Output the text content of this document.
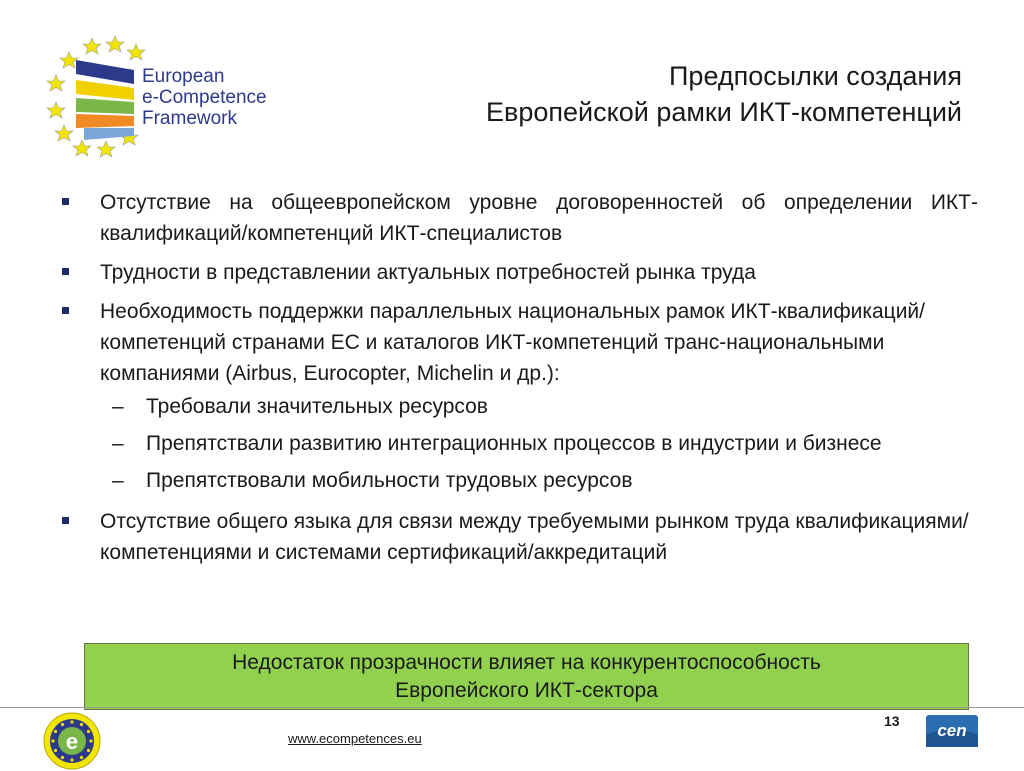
European
e-Competence
Framework
Предпосылки создания
Европейской рамки ИКТ-компетенций
Отсутствие на общеевропейском уровне договоренностей об определении ИКТ- квалификаций/компетенций ИКТ-специалистов
Трудности в представлении актуальных потребностей рынка труда
Необходимость поддержки параллельных национальных рамок ИКТ-квалификаций/компетенций странами ЕС и каталогов ИКТ-компетенций транс-национальными компаниями (Airbus, Eurocopter, Michelin и др.):
– Требовали значительных ресурсов
– Препятствали развитию интеграционных процессов в индустрии и бизнесе
– Препятствовали мобильности трудовых ресурсов
Отсутствие общего языка для связи между требуемыми рынком труда квалификациями/компетенциями и системами сертификаций/аккредитаций
Недостаток прозрачности влияет на конкурентоспособность
Европейского ИКТ-сектора
13
www.ecompetences.eu
e	cen
